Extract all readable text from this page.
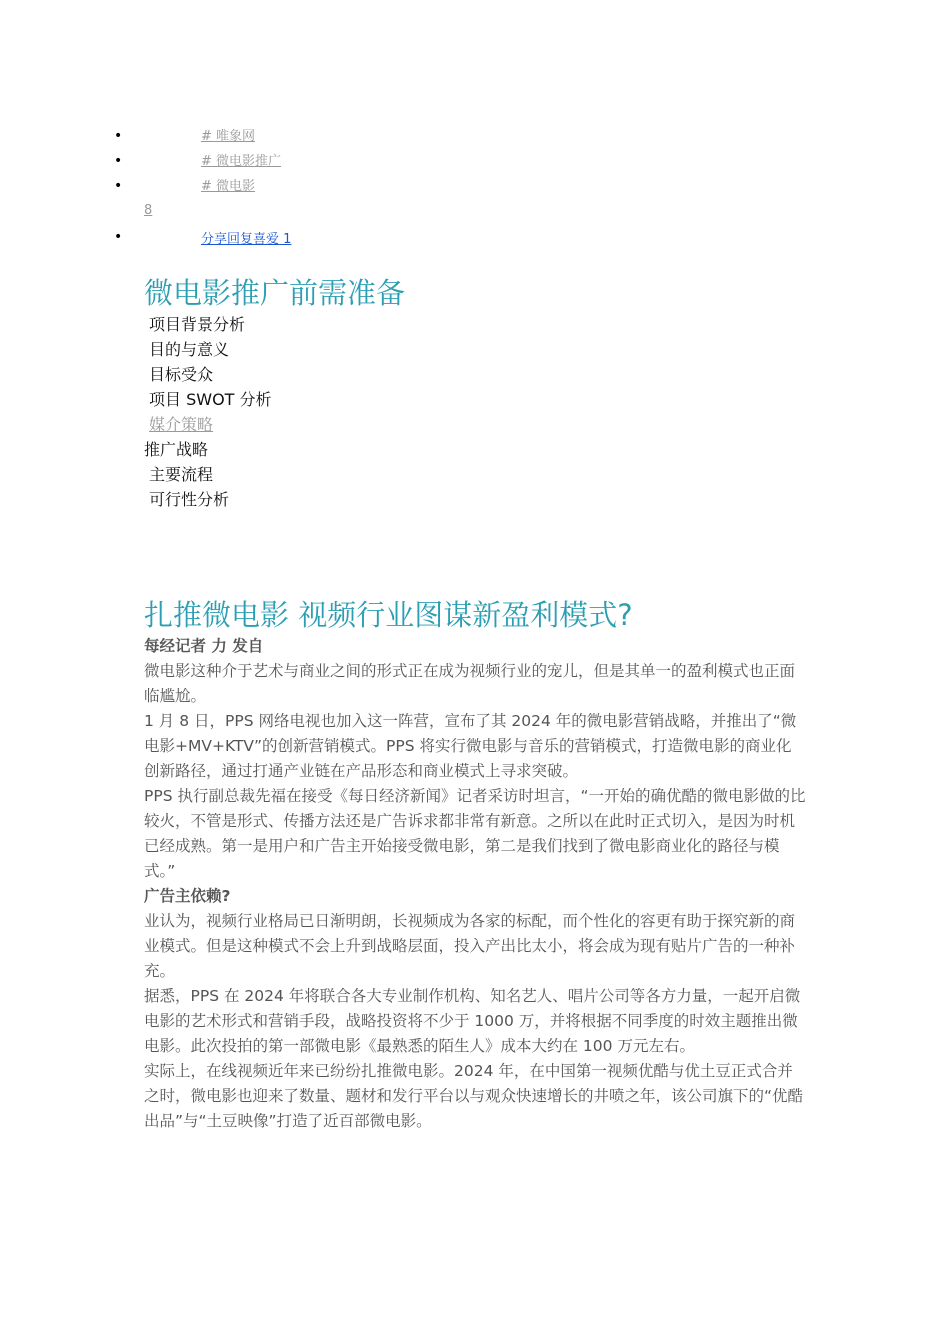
•	# 唯象网
•	# 微电影推广
•	# 微电影
8
•	分享回复喜爱 1
微电影推广前需准备
项目背景分析
目的与意义
目标受众
项目 SWOT 分析
媒介策略
推广战略
主要流程
可行性分析
扎推微电影 视频行业图谋新盈利模式?

每经记者 力 发自

微电影这种介于艺术与商业之间的形式正在成为视频行业的宠儿，但是其单一的盈利模式也正面临尴尬。

1 月 8 日，PPS 网络电视也加入这一阵营，宣布了其 2024 年的微电影营销战略，并推出了“微电影+MV+KTV”的创新营销模式。PPS 将实行微电影与音乐的营销模式，打造微电影的商业化创新路径，通过打通产业链在产品形态和商业模式上寻求突破。

PPS 执行副总裁先福在接受《每日经济新闻》记者采访时坦言，“一开始的确优酷的微电影做的比较火，不管是形式、传播方法还是广告诉求都非常有新意。之所以在此时正式切入，是因为时机已经成熟。第一是用户和广告主开始接受微电影，第二是我们找到了微电影商业化的路径与模式。”

广告主依赖?

业认为，视频行业格局已日渐明朗，长视频成为各家的标配，而个性化的容更有助于探究新的商业模式。但是这种模式不会上升到战略层面，投入产出比太小，将会成为现有贴片广告的一种补充。

据悉，PPS 在 2024 年将联合各大专业制作机构、知名艺人、唱片公司等各方力量，一起开启微电影的艺术形式和营销手段，战略投资将不少于 1000 万，并将根据不同季度的时效主题推出微电影。此次投拍的第一部微电影《最熟悉的陌生人》成本大约在 100 万元左右。

实际上，在线视频近年来已纷纷扎推微电影。2024 年，在中国第一视频优酷与优土豆正式合并之时，微电影也迎来了数量、题材和发行平台以与观众快速增长的井喷之年，该公司旗下的“优酷出品”与“土豆映像”打造了近百部微电影。
